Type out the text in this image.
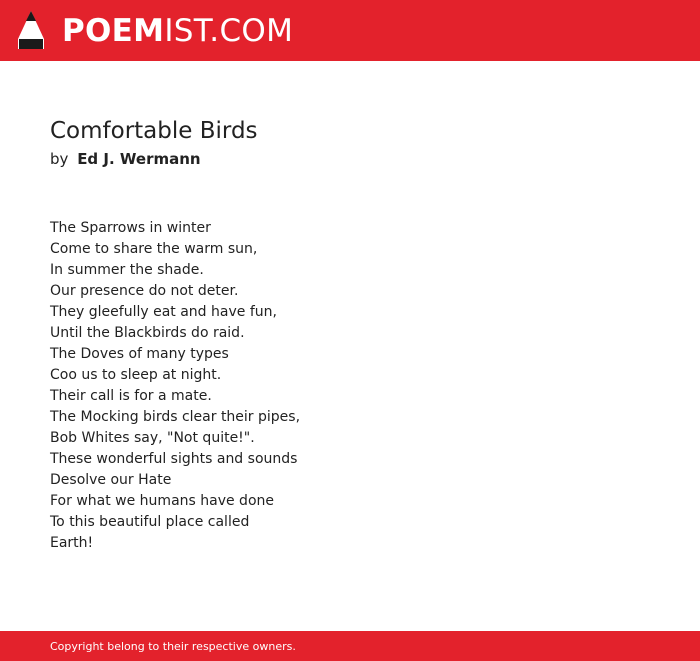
POEMIST.COM
Comfortable Birds
by Ed J. Wermann
The Sparrows in winter
Come to share the warm sun,
In summer the shade.
Our presence do not deter.
They gleefully eat and have fun,
Until the Blackbirds do raid.
The Doves of many types
Coo us to sleep at night.
Their call is for a mate.
The Mocking birds clear their pipes,
Bob Whites say, "Not quite!".
These wonderful sights and sounds
Desolve our Hate
For what we humans have done
To this beautiful place called
Earth!
Copyright belong to their respective owners.
